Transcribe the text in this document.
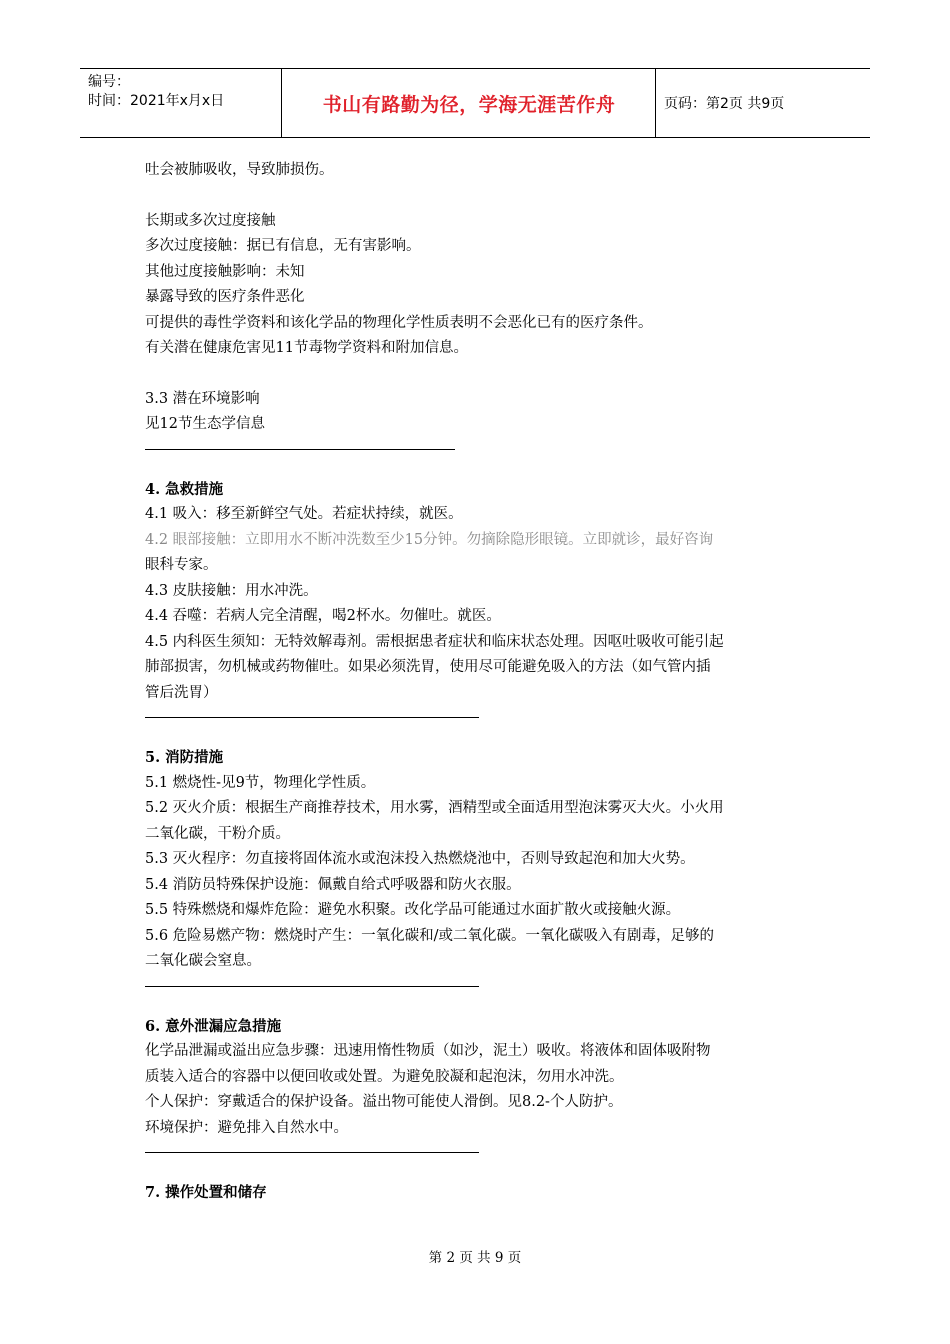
编号：
时间：2021年x月x日	书山有路勤为径，学海无涯苦作舟	页码：第2页 共9页

吐会被肺吸收，导致肺损伤。

长期或多次过度接触

多次过度接触：据已有信息，无有害影响。

其他过度接触影响：未知

暴露导致的医疗条件恶化

可提供的毒性学资料和该化学品的物理化学性质表明不会恶化已有的医疗条件。

有关潜在健康危害见11节毒物学资料和附加信息。

3.3 潜在环境影响

见12节生态学信息

4. 急救措施

4.1 吸入：移至新鲜空气处。若症状持续，就医。

4.2 眼部接触：立即用水不断冲洗数至少15分钟。勿摘除隐形眼镜。立即就诊，最好咨询

眼科专家。

4.3 皮肤接触：用水冲洗。

4.4 吞噬：若病人完全清醒，喝2杯水。勿催吐。就医。

4.5 内科医生须知：无特效解毒剂。需根据患者症状和临床状态处理。因呕吐吸收可能引起

肺部损害，勿机械或药物催吐。如果必须洗胃，使用尽可能避免吸入的方法（如气管内插

管后洗胃）

5. 消防措施

5.1 燃烧性-见9节，物理化学性质。

5.2 灭火介质：根据生产商推荐技术，用水雾，酒精型或全面适用型泡沫雾灭大火。小火用

二氧化碳，干粉介质。

5.3 灭火程序：勿直接将固体流水或泡沫投入热燃烧池中，否则导致起泡和加大火势。

5.4 消防员特殊保护设施：佩戴自给式呼吸器和防火衣服。

5.5 特殊燃烧和爆炸危险：避免水积聚。改化学品可能通过水面扩散火或接触火源。

5.6 危险易燃产物：燃烧时产生：一氧化碳和/或二氧化碳。一氧化碳吸入有剧毒，足够的

二氧化碳会窒息。

6. 意外泄漏应急措施

化学品泄漏或溢出应急步骤：迅速用惰性物质（如沙，泥土）吸收。将液体和固体吸附物

质装入适合的容器中以便回收或处置。为避免胶凝和起泡沫，勿用水冲洗。

个人保护：穿戴适合的保护设备。溢出物可能使人滑倒。见8.2-个人防护。

环境保护：避免排入自然水中。

7. 操作处置和储存

第 2 页 共 9 页
